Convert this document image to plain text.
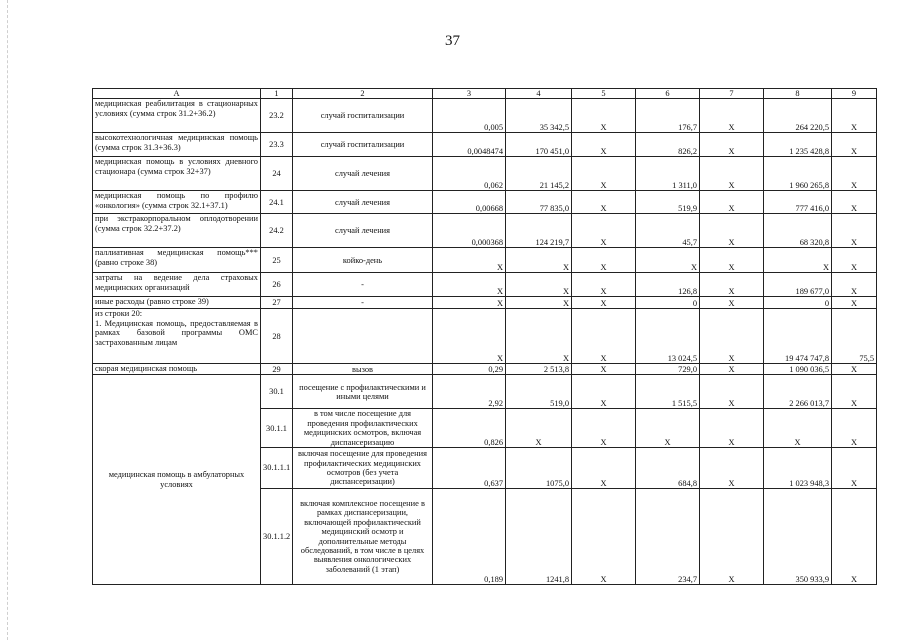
37
А	1	2	3	4	5	6	7	8	9
медицинская реабилитация в стационарных условиях (сумма строк 31.2+36.2)	23.2	случай госпитализации	0,005	35 342,5	X	176,7	X	264 220,5	X
высокотехнологичная медицинская помощь (сумма строк 31.3+36.3)	23.3	случай госпитализации	0,0048474	170 451,0	X	826,2	X	1 235 428,8	X
медицинская помощь в условиях дневного стационара (сумма строк 32+37)	24	случай лечения	0,062	21 145,2	X	1 311,0	X	1 960 265,8	X
медицинская помощь по профилю «онкология» (сумма строк 32.1+37.1)	24.1	случай лечения	0,00668	77 835,0	X	519,9	X	777 416,0	X
при экстракорпоральном оплодотворении (сумма строк 32.2+37.2)	24.2	случай лечения	0,000368	124 219,7	X	45,7	X	68 320,8	X
паллиативная медицинская помощь*** (равно строке 38)	25	койко-день	X	X	X	X	X	X	X
затраты на ведение дела страховых медицинских организаций	26	-	X	X	X	126,8	X	189 677,0	X
иные расходы (равно строке 39)	27	-	X	X	X	0	X	0	X
из строки 20:
1. Медицинская помощь, предоставляемая в рамках базовой программы ОМС застрахованным лицам	28		X	X	X	13 024,5	X	19 474 747,8	75,5
скорая медицинская помощь	29	вызов	0,29	2 513,8	X	729,0	X	1 090 036,5	X
медицинская помощь в амбулаторных условиях	30.1	посещение с профилактическими и иными целями	2,92	519,0	X	1 515,5	X	2 266 013,7	X
	30.1.1	в том числе посещение для проведения профилактических медицинских осмотров, включая диспансеризацию	0,826	X	X	X	X	X	X
	30.1.1.1	включая посещение для проведения профилактических медицинских осмотров (без учета диспансеризации)	0,637	1075,0	X	684,8	X	1 023 948,3	X
	30.1.1.2	включая комплексное посещение в рамках диспансеризации, включающей профилактический медицинский осмотр и дополнительные методы обследований, в том числе в целях выявления онкологических заболеваний (1 этап)	0,189	1241,8	X	234,7	X	350 933,9	X
